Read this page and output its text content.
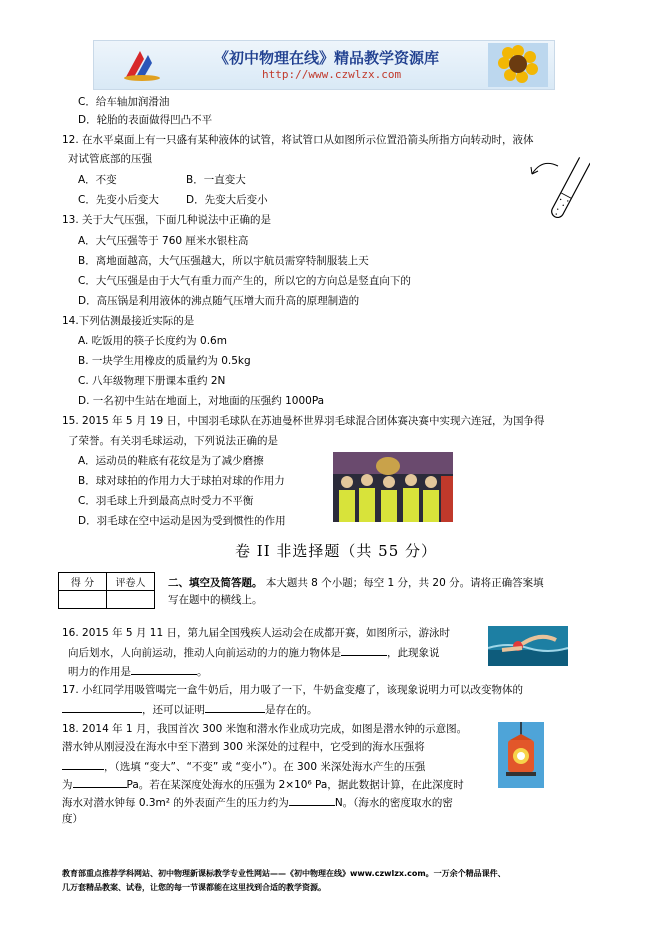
《初中物理在线》精品教学资源库
http://www.czwlzx.com
C．给车轴加润滑油
D．轮胎的表面做得凹凸不平
12. 在水平桌面上有一只盛有某种液体的试管，将试管口从如图所示位置沿箭头所指方向转动时，液体
对试管底部的压强
A．不变	B．一直变大
C．先变小后变大	D．先变大后变小
13. 关于大气压强，下面几种说法中正确的是
A．大气压强等于 760 厘米水银柱高
B．离地面越高，大气压强越大，所以宇航员需穿特制服装上天
C．大气压强是由于大气有重力而产生的，所以它的方向总是竖直向下的
D．高压锅是利用液体的沸点随气压增大而升高的原理制造的
14.下列估测最接近实际的是
A. 吃饭用的筷子长度约为 0.6m
B. 一块学生用橡皮的质量约为 0.5kg
C. 八年级物理下册课本重约 2N
D. 一名初中生站在地面上，对地面的压强约 1000Pa
15. 2015 年 5 月 19 日，中国羽毛球队在苏迪曼杯世界羽毛球混合团体赛决赛中实现六连冠，为国争得
了荣誉。有关羽毛球运动，下列说法正确的是
A．运动员的鞋底有花纹是为了减少磨擦
B．球对球拍的作用力大于球拍对球的作用力
C．羽毛球上升到最高点时受力不平衡
D．羽毛球在空中运动是因为受到惯性的作用
卷 II 非选择题（共 55 分）
得 分	评卷人
	二、填空及简答题。 本大题共 8 个小题；每空 1 分，共 20 分。请将正确答案填
写在题中的横线上。
16. 2015 年 5 月 11 日，第九届全国残疾人运动会在成都开赛，如图所示，游泳时
向后划水，人向前运动，推动人向前运动的力的施力物体是	，此现象说
明力的作用是	。
17. 小红同学用吸管喝完一盒牛奶后，用力吸了一下，牛奶盒变瘪了，该现象说明力可以改变物体的
，还可以证明	是存在的。
18. 2014 年 1 月，我国首次 300 米饱和潜水作业成功完成，如图是潜水钟的示意图。
潜水钟从刚浸没在海水中至下潜到 300 米深处的过程中，它受到的海水压强将
，（选填 “变大”、“不变” 或 “变小”）。在 300 米深处海水产生的压强
为	Pa。若在某深度处海水的压强为 2×10⁶ Pa，据此数据计算，在此深度时
海水对潜水钟每 0.3m² 的外表面产生的压力约为	N。（海水的密度取水的密
度）
教育部重点推荐学科网站、初中物理新课标教学专业性网站——《初中物理在线》www.czwlzx.com。一万余个精品课件、
几万套精品教案、试卷，让您的每一节课都能在这里找到合适的教学资源。
